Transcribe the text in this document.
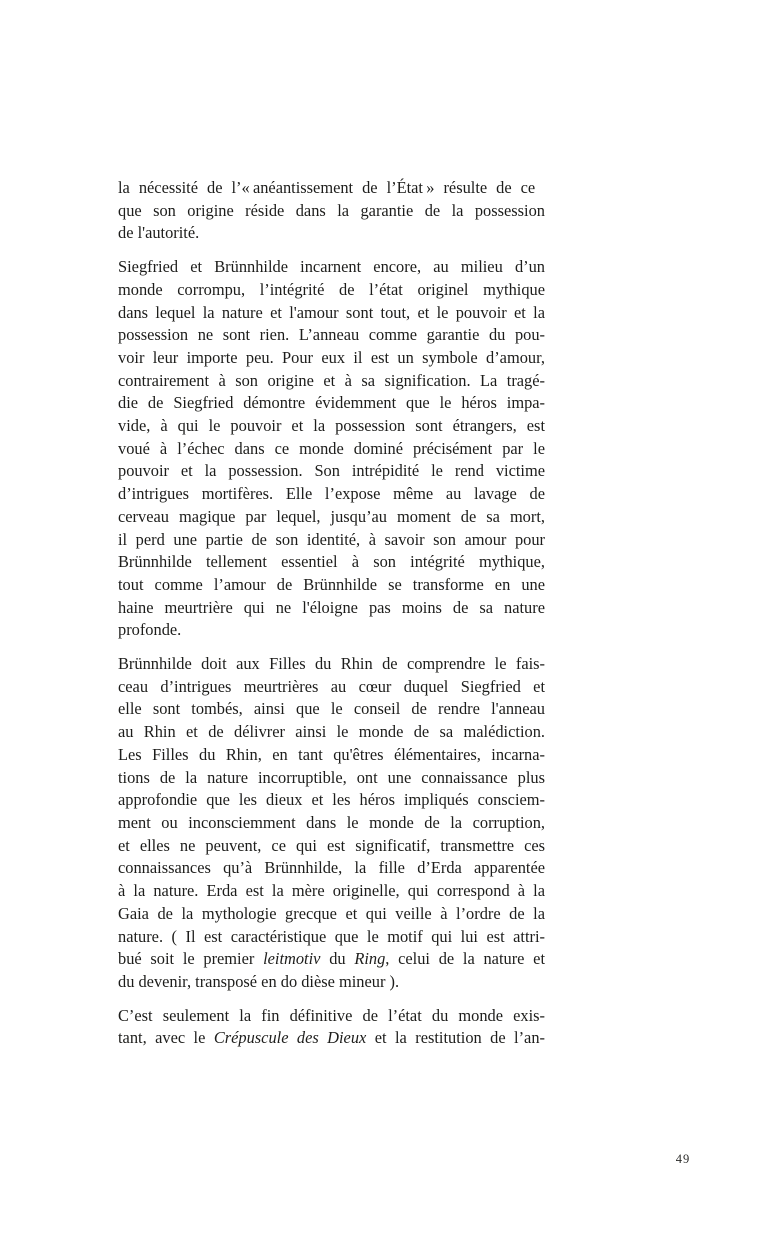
la nécessité de l’« anéantissement de l’État » résulte de ce
que son origine réside dans la garantie de la possession
de l'autorité.
Siegfried et Brünnhilde incarnent encore, au milieu d’un
monde corrompu, l’intégrité de l’état originel mythique
dans lequel la nature et l'amour sont tout, et le pouvoir et la
possession ne sont rien. L’anneau comme garantie du pou-
voir leur importe peu. Pour eux il est un symbole d’amour,
contrairement à son origine et à sa signification. La tragé-
die de Siegfried démontre évidemment que le héros impa-
vide, à qui le pouvoir et la possession sont étrangers, est
voué à l’échec dans ce monde dominé précisément par le
pouvoir et la possession. Son intrépidité le rend victime
d’intrigues mortifères. Elle l’expose même au lavage de
cerveau magique par lequel, jusqu’au moment de sa mort,
il perd une partie de son identité, à savoir son amour pour
Brünnhilde tellement essentiel à son intégrité mythique,
tout comme l’amour de Brünnhilde se transforme en une
haine meurtrière qui ne l'éloigne pas moins de sa nature
profonde.
Brünnhilde doit aux Filles du Rhin de comprendre le fais-
ceau d’intrigues meurtrières au cœur duquel Siegfried et
elle sont tombés, ainsi que le conseil de rendre l'anneau
au Rhin et de délivrer ainsi le monde de sa malédiction.
Les Filles du Rhin, en tant qu'êtres élémentaires, incarna-
tions de la nature incorruptible, ont une connaissance plus
approfondie que les dieux et les héros impliqués consciem-
ment ou inconsciemment dans le monde de la corruption,
et elles ne peuvent, ce qui est significatif, transmettre ces
connaissances qu’à Brünnhilde, la fille d’Erda apparentée
à la nature. Erda est la mère originelle, qui correspond à la
Gaia de la mythologie grecque et qui veille à l’ordre de la
nature. ( Il est caractéristique que le motif qui lui est attri-
bué soit le premier leitmotiv du Ring, celui de la nature et
du devenir, transposé en do dièse mineur ).
C’est seulement la fin définitive de l’état du monde exis-
tant, avec le Crépuscule des Dieux et la restitution de l’an-
49
